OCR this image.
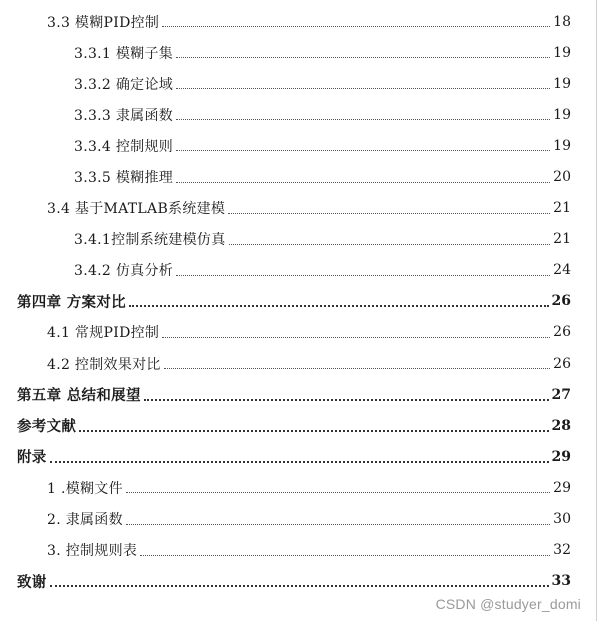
3.3 模糊PID控制	18
3.3.1 模糊子集	19
3.3.2 确定论域	19
3.3.3 隶属函数	19
3.3.4 控制规则	19
3.3.5 模糊推理	20
3.4 基于MATLAB系统建模	21
3.4.1控制系统建模仿真	21
3.4.2 仿真分析	24
第四章 方案对比	26
4.1 常规PID控制	26
4.2 控制效果对比	26
第五章 总结和展望	27
参考文献	28
附录	29
1 .模糊文件	29
2. 隶属函数	30
3. 控制规则表	32
致谢	33
CSDN @studyer_domi
